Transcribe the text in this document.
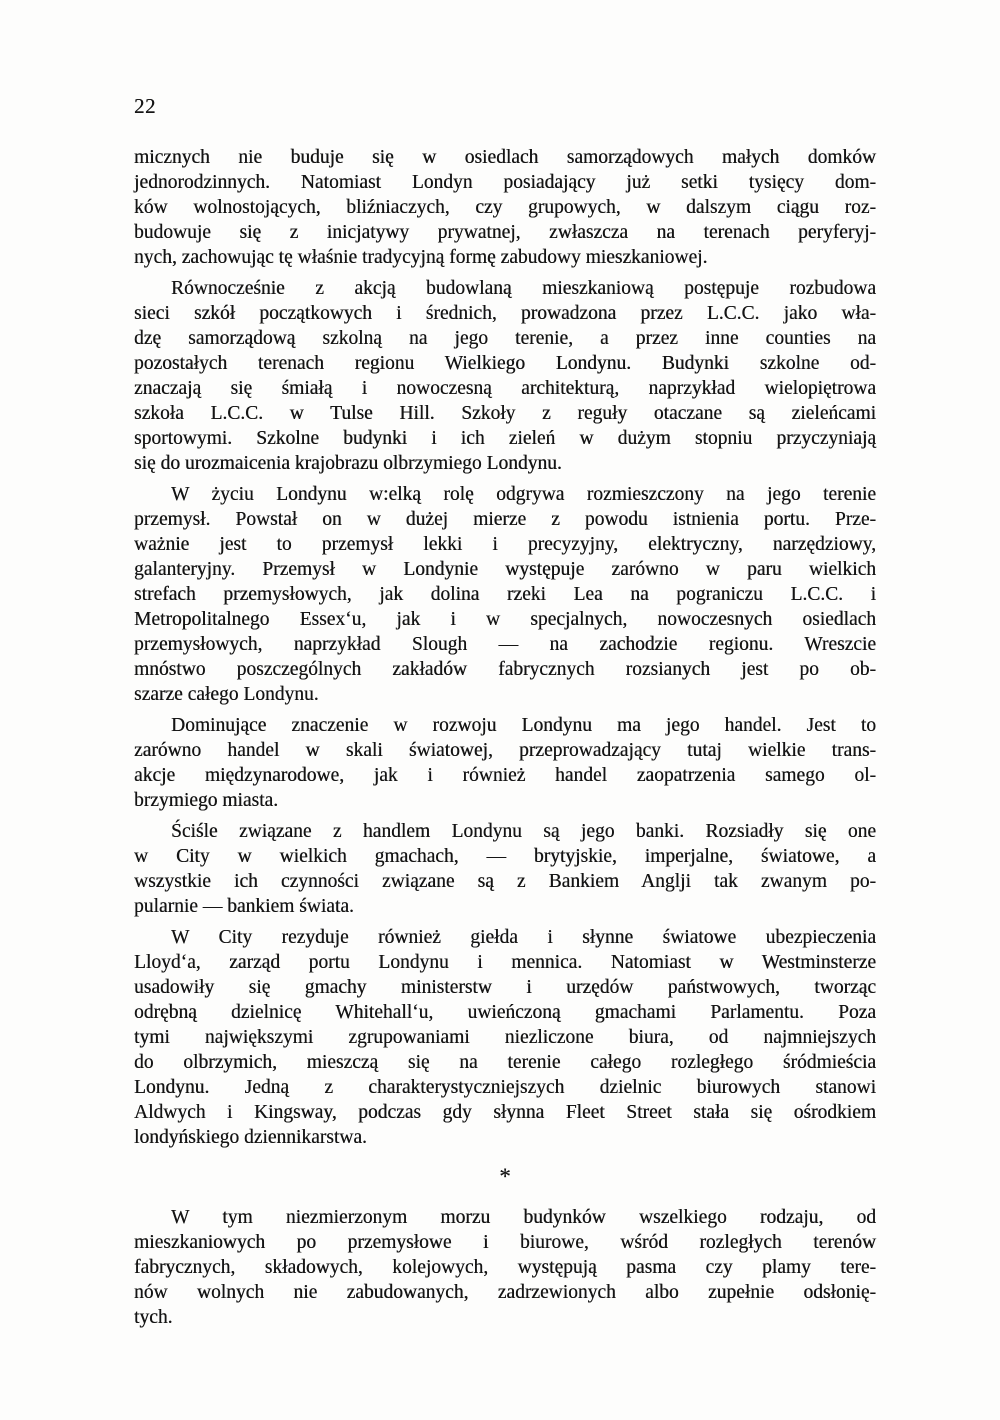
22
micznych nie buduje się w osiedlach samorządowych małych domków
jednorodzinnych. Natomiast Londyn posiadający już setki tysięcy dom-
ków wolnostojących, bliźniaczych, czy grupowych, w dalszym ciągu roz-
budowuje się z inicjatywy prywatnej, zwłaszcza na terenach peryferyj-
nych, zachowując tę właśnie tradycyjną formę zabudowy mieszkaniowej.
Równocześnie z akcją budowlaną mieszkaniową postępuje rozbudowa
sieci szkół początkowych i średnich, prowadzona przez L.C.C. jako wła-
dzę samorządową szkolną na jego terenie, a przez inne counties na
pozostałych terenach regionu Wielkiego Londynu. Budynki szkolne od-
znaczają się śmiałą i nowoczesną architekturą, naprzykład wielopiętrowa
szkoła L.C.C. w Tulse Hill. Szkoły z reguły otaczane są zieleńcami
sportowymi. Szkolne budynki i ich zieleń w dużym stopniu przyczyniają
się do urozmaicenia krajobrazu olbrzymiego Londynu.
W życiu Londynu w:elką rolę odgrywa rozmieszczony na jego terenie
przemysł. Powstał on w dużej mierze z powodu istnienia portu. Prze-
ważnie jest to przemysł lekki i precyzyjny, elektryczny, narzędziowy,
galanteryjny. Przemysł w Londynie występuje zarówno w paru wielkich
strefach przemysłowych, jak dolina rzeki Lea na pograniczu L.C.C. i
Metropolitalnego Essex‘u, jak i w specjalnych, nowoczesnych osiedlach
przemysłowych, naprzykład Slough — na zachodzie regionu. Wreszcie
mnóstwo poszczególnych zakładów fabrycznych rozsianych jest po ob-
szarze całego Londynu.
Dominujące znaczenie w rozwoju Londynu ma jego handel. Jest to
zarówno handel w skali światowej, przeprowadzający tutaj wielkie trans-
akcje międzynarodowe, jak i również handel zaopatrzenia samego ol-
brzymiego miasta.
Ściśle związane z handlem Londynu są jego banki. Rozsiadły się one
w City w wielkich gmachach, — brytyjskie, imperjalne, światowe, a
wszystkie ich czynności związane są z Bankiem Anglji tak zwanym po-
pularnie — bankiem świata.
W City rezyduje również giełda i słynne światowe ubezpieczenia
Lloyd‘a, zarząd portu Londynu i mennica. Natomiast w Westminsterze
usadowiły się gmachy ministerstw i urzędów państwowych, tworząc
odrębną dzielnicę Whitehall‘u, uwieńczoną gmachami Parlamentu. Poza
tymi największymi zgrupowaniami niezliczone biura, od najmniejszych
do olbrzymich, mieszczą się na terenie całego rozległego śródmieścia
Londynu. Jedną z charakterystyczniejszych dzielnic biurowych stanowi
Aldwych i Kingsway, podczas gdy słynna Fleet Street stała się ośrodkiem
londyńskiego dziennikarstwa.
*
W tym niezmierzonym morzu budynków wszelkiego rodzaju, od
mieszkaniowych po przemysłowe i biurowe, wśród rozległych terenów
fabrycznych, składowych, kolejowych, występują pasma czy plamy tere-
nów wolnych nie zabudowanych, zadrzewionych albo zupełnie odsłonię-
tych.
